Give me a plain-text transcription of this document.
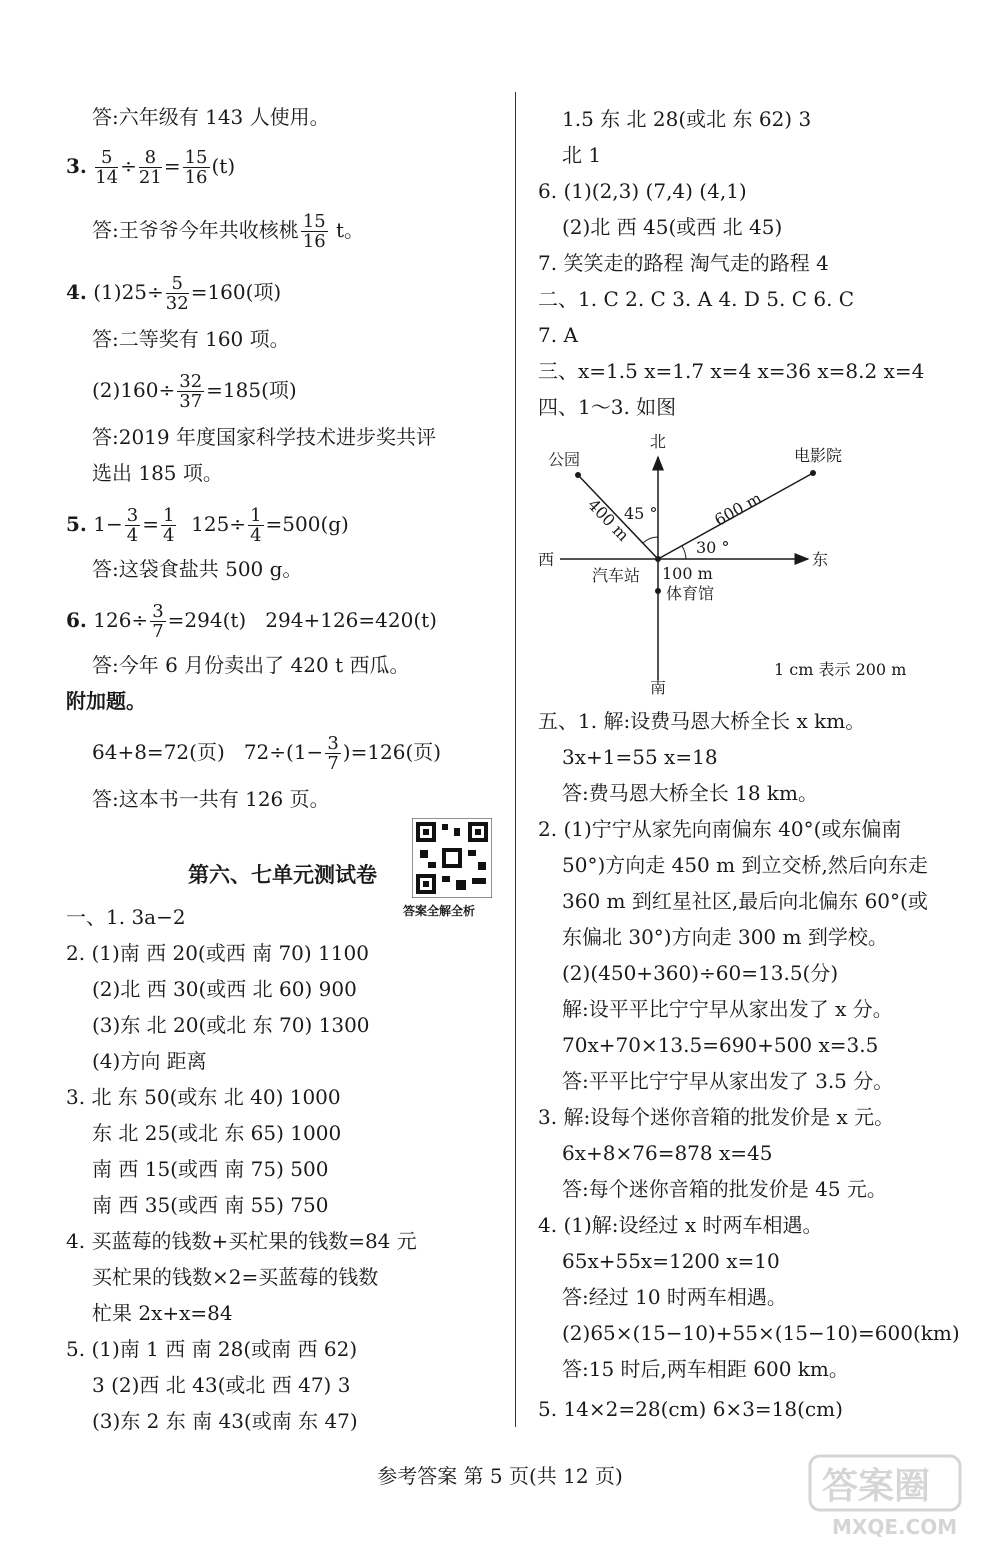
答:六年级有 143 人使用。
3. $\frac{5}{14} \div \frac{8}{21} = \frac{15}{16} (t)$
答:王爷爷今年共收核桃 $\frac{15}{16}$ t。
4. $(1)25\div \frac{5}{32} =160$(项)
答:二等奖有 160 项。
$(2)160\div \frac{32}{37} =185$(项)
答:2019 年度国家科学技术进步奖共评
选出 185 项。
5. $1- \frac{3}{4} = \frac{1}{4} 125\div \frac{1}{4} =500(g)$
答:这袋食盐共 500 g。
6. $126\div \frac{3}{7} =294(t)$   294+126=420(t)
答:今年 6 月份卖出了 420 t 西瓜。
附加题。
64+8=72(页)   $72\div(1- \frac{3}{7} )=126$(页)
答:这本书一共有 126 页。
第六、七单元测试卷
答案全解全析
一、1. 3a−2
2. (1)南 西 20(或西 南 70) 1100
(2)北 西 30(或西 北 60) 900
(3)东 北 20(或北 东 70) 1300
(4)方向 距离
3. 北 东 50(或东 北 40) 1000
东 北 25(或北 东 65) 1000
南 西 15(或西 南 75) 500
南 西 35(或西 南 55) 750
4. 买蓝莓的钱数+买杧果的钱数=84 元
买杧果的钱数×2=买蓝莓的钱数
杧果 2x+x=84
5. (1)南 1 西 南 28(或南 西 62)
3 (2)西 北 43(或北 西 47) 3
(3)东 2 东 南 43(或南 东 47)
1.5 东 北 28(或北 东 62) 3
北 1
6. (1)(2,3) (7,4) (4,1)
(2)北 西 45(或西 北 45)
7. 笑笑走的路程 淘气走的路程 4
二、1. C 2. C 3. A 4. D 5. C 6. C
7. A
三、x=1.5 x=1.7 x=4 x=36 x=8.2 x=4
四、1～3. 如图
北
南
东
西
公园	电影院
汽车站
体育馆
400 m	600 m
100 m
45 °
30 °
1 cm 表示 200 m
五、1. 解:设费马恩大桥全长 x km。
3x+1=55 x=18
答:费马恩大桥全长 18 km。
2. (1)宁宁从家先向南偏东 40°(或东偏南
50°)方向走 450 m 到立交桥,然后向东走
360 m 到红星社区,最后向北偏东 60°(或
东偏北 30°)方向走 300 m 到学校。
(2)(450+360)÷60=13.5(分)
解:设平平比宁宁早从家出发了 x 分。
70x+70×13.5=690+500 x=3.5
答:平平比宁宁早从家出发了 3.5 分。
3. 解:设每个迷你音箱的批发价是 x 元。
6x+8×76=878 x=45
答:每个迷你音箱的批发价是 45 元。
4. (1)解:设经过 x 时两车相遇。
65x+55x=1200 x=10
答:经过 10 时两车相遇。
(2)65×(15−10)+55×(15−10)=600(km)
答:15 时后,两车相距 600 km。
5. 14×2=28(cm) 6×3=18(cm)
参考答案 第 5 页(共 12 页)	答案圈
MXQE.COM
